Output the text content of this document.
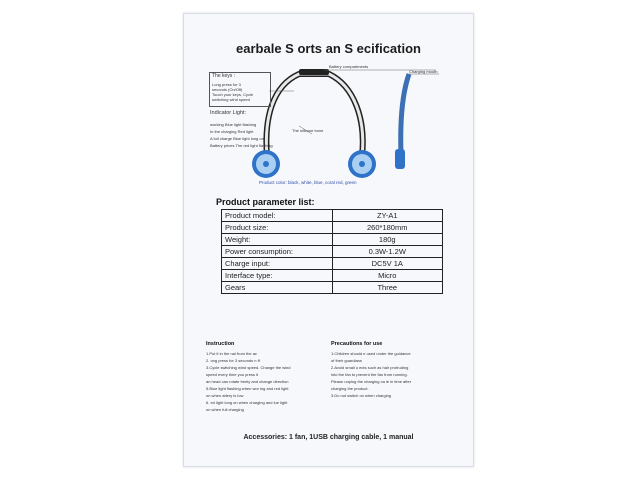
earbale S orts an S ecification
Battery compartments
Charging mouth
The keys :
Long press for 3
seconds (On/Off)
Touch your keys, Cycle
switching wind speed
Indicator Light:
working Blue light flashing
In the charging Red light
A full charge Blue light long on
Battery prices The red light flashing
The silicone bone
Product color: black, white, blue, coral red, green
Product parameter list:
Product model:	ZY-A1
Product size:	260*180mm
Weight:	180g
Power consumption:	0.3W-1.2W
Charge input:	DC5V 1A
Interface type:	Micro
Gears	Three
Instruction
1.Put it in the nai from the ac
2. ong press for 3 seconds n ff
3.Cycle switching wind speed. Change the wind
speed every time you press it
an head can rotate freely and change direction
5.Blue light flashing when wor ing and red light
on when attery is low
6. ed light long on when charging and lue light
on when full charging
Precautions for use
1.Children should e used under the guidance
of their guardians
2.Avoid small o ects such as hair protruding
into the fan to prevent the fan from running.
Please unplug the charging ca le in time after
charging the product.
3.Do not switch on when charging
Accessories: 1 fan, 1USB charging cable, 1 manual
